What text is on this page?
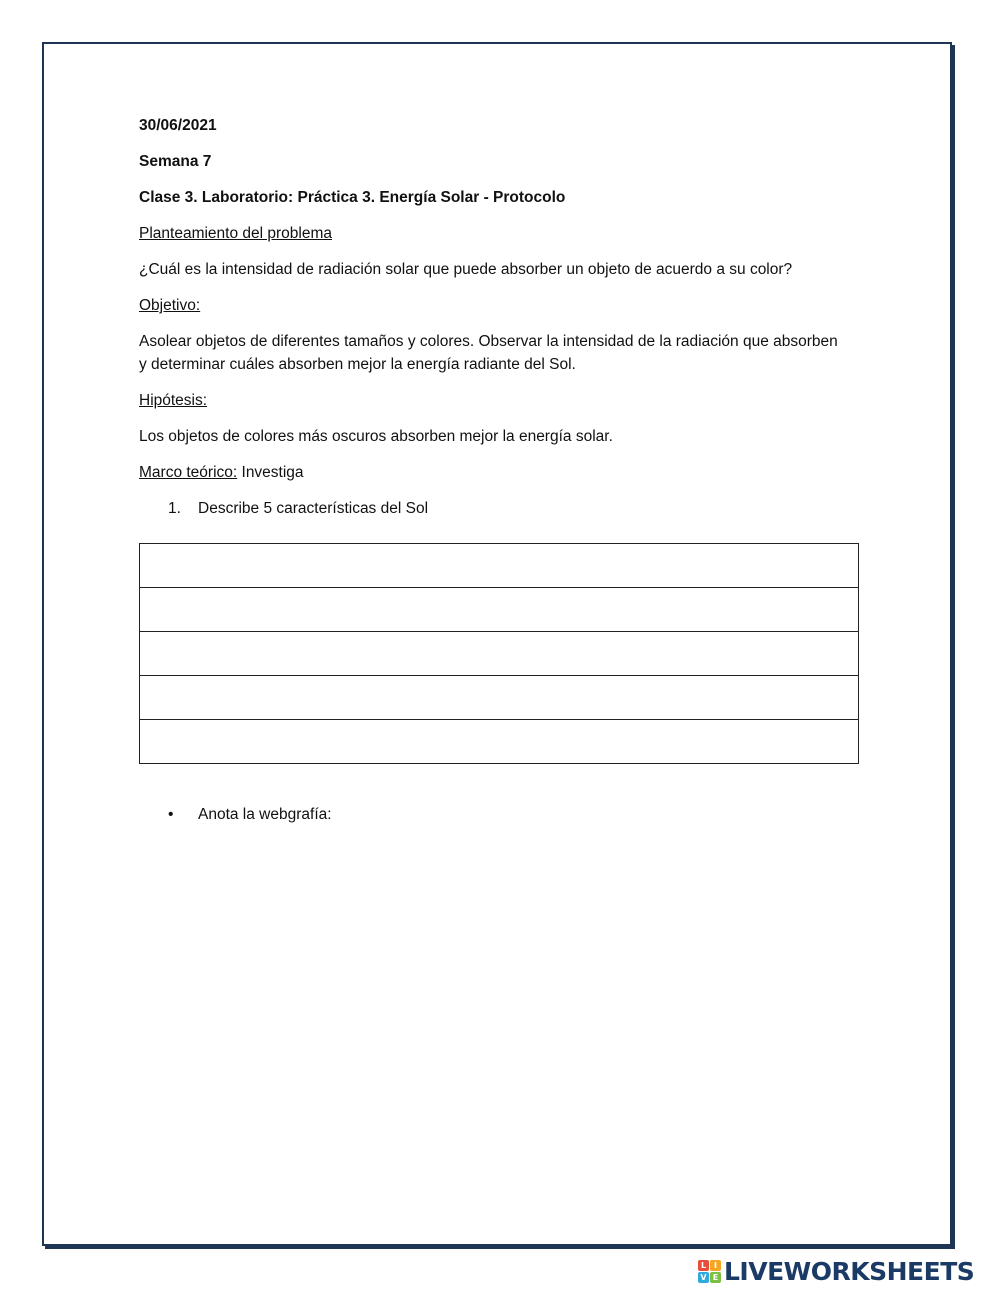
30/06/2021
Semana 7
Clase 3. Laboratorio: Práctica 3. Energía Solar - Protocolo
Planteamiento del problema
¿Cuál es la intensidad de radiación solar que puede absorber un objeto de acuerdo a su color?
Objetivo:
Asolear objetos de diferentes tamaños y colores. Observar la intensidad de la radiación que absorben y determinar cuáles absorben mejor la energía radiante del Sol.
Hipótesis:
Los objetos de colores más oscuros absorben mejor la energía solar.
Marco teórico: Investiga
1. Describe 5 características del Sol

• Anota la webgrafía:
L I
V E LIVEWORKSHEETS
